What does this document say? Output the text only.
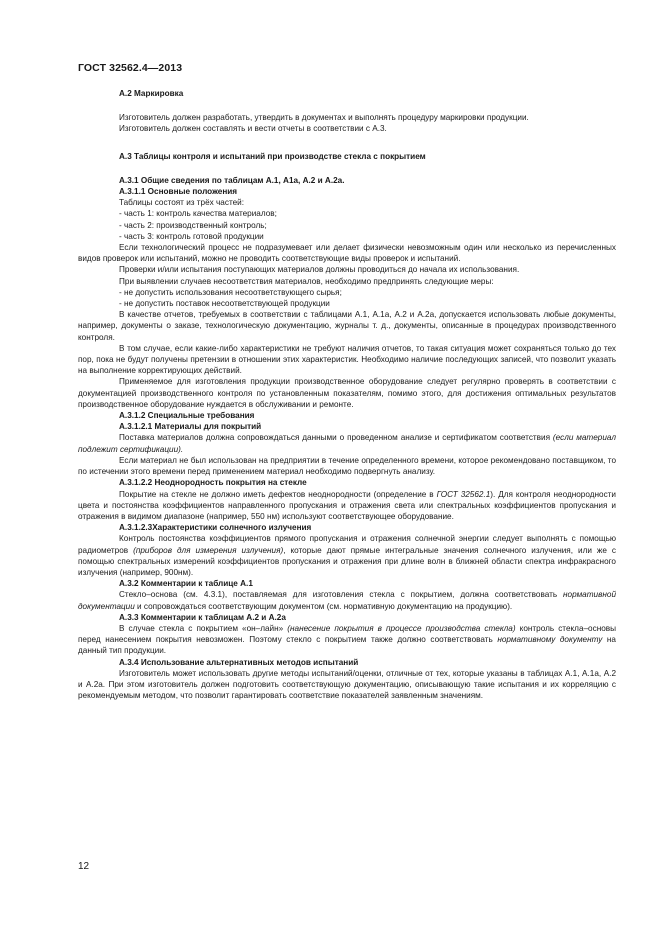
ГОСТ 32562.4—2013

А.2 Маркировка

Изготовитель должен разработать, утвердить в документах и выполнять процедуру маркировки продукции.

Изготовитель должен составлять и вести отчеты в соответствии с А.3.

А.3 Таблицы контроля и испытаний при производстве стекла с покрытием

А.3.1 Общие сведения по таблицам А.1, А1а, А.2 и А.2а.

А.3.1.1 Основные положения

Таблицы состоят из трёх частей:

- часть 1: контроль качества материалов;

- часть 2: производственный контроль;

- часть 3: контроль готовой продукции

Если технологический процесс не подразумевает или делает физически невозможным один или несколько из перечисленных видов проверок или испытаний, можно не проводить соответствующие виды проверок и испытаний.

Проверки и/или испытания поступающих материалов должны проводиться до начала их использования.

При выявлении случаев несоответствия материалов, необходимо предпринять следующие меры:

- не допустить использования несоответствующего сырья;

- не допустить поставок несоответствующей продукции

В качестве отчетов, требуемых в соответствии с таблицами А.1, А.1а, А.2 и А.2а, допускается использовать любые документы, например, документы о заказе, технологическую документацию, журналы т. д., документы, описанные в процедурах производственного контроля.

В том случае, если какие-либо характеристики не требуют наличия отчетов, то такая ситуация может сохраняться только до тех пор, пока не будут получены претензии в отношении этих характеристик. Необходимо наличие последующих записей, что позволит указать на выполнение корректирующих действий.

Применяемое для изготовления продукции производственное оборудование следует регулярно проверять в соответствии с документацией производственного контроля по установленным показателям, помимо этого, для достижения оптимальных результатов производственное оборудование нуждается в обслуживании и ремонте.

А.3.1.2 Специальные требования

А.3.1.2.1 Материалы для покрытий

Поставка материалов должна сопровождаться данными о проведенном анализе и сертификатом соответствия (если материал подлежит сертификации).

Если материал не был использован на предприятии в течение определенного времени, которое рекомендовано поставщиком, то по истечении этого времени перед применением материал необходимо подвергнуть анализу.

А.3.1.2.2 Неоднородность покрытия на стекле

Покрытие на стекле не должно иметь дефектов неоднородности (определение в ГОСТ 32562.1). Для контроля неоднородности цвета и постоянства коэффициентов направленного пропускания и отражения света или спектральных коэффициентов пропускания и отражения в видимом диапазоне (например, 550 нм) используют соответствующее оборудование.

А.3.1.2.3Характеристики солнечного излучения

Контроль постоянства коэффициентов прямого пропускания и отражения солнечной энергии следует выполнять с помощью радиометров (приборов для измерения излучения), которые дают прямые интегральные значения солнечного излучения, или же с помощью спектральных измерений коэффициентов пропускания и отражения при длине волн в ближней области спектра инфракрасного излучения (например, 900нм).

А.3.2 Комментарии к таблице А.1

Стекло–основа (см. 4.3.1), поставляемая для изготовления стекла с покрытием, должна соответствовать нормативной документации и сопровождаться соответствующим документом (см. нормативную документацию на продукцию).

А.3.3 Комментарии к таблицам А.2 и А.2а

В случае стекла с покрытием «он–лайн» (нанесение покрытия в процессе производства стекла) контроль стекла–основы перед нанесением покрытия невозможен. Поэтому стекло с покрытием также должно соответствовать нормативному документу на данный тип продукции.

А.3.4 Использование альтернативных методов испытаний

Изготовитель может использовать другие методы испытаний/оценки, отличные от тех, которые указаны в таблицах А.1, А.1а, А.2 и А.2а. При этом изготовитель должен подготовить соответствующую документацию, описывающую такие испытания и их корреляцию с рекомендуемым методом, что позволит гарантировать соответствие показателей заявленным значениям.

12
